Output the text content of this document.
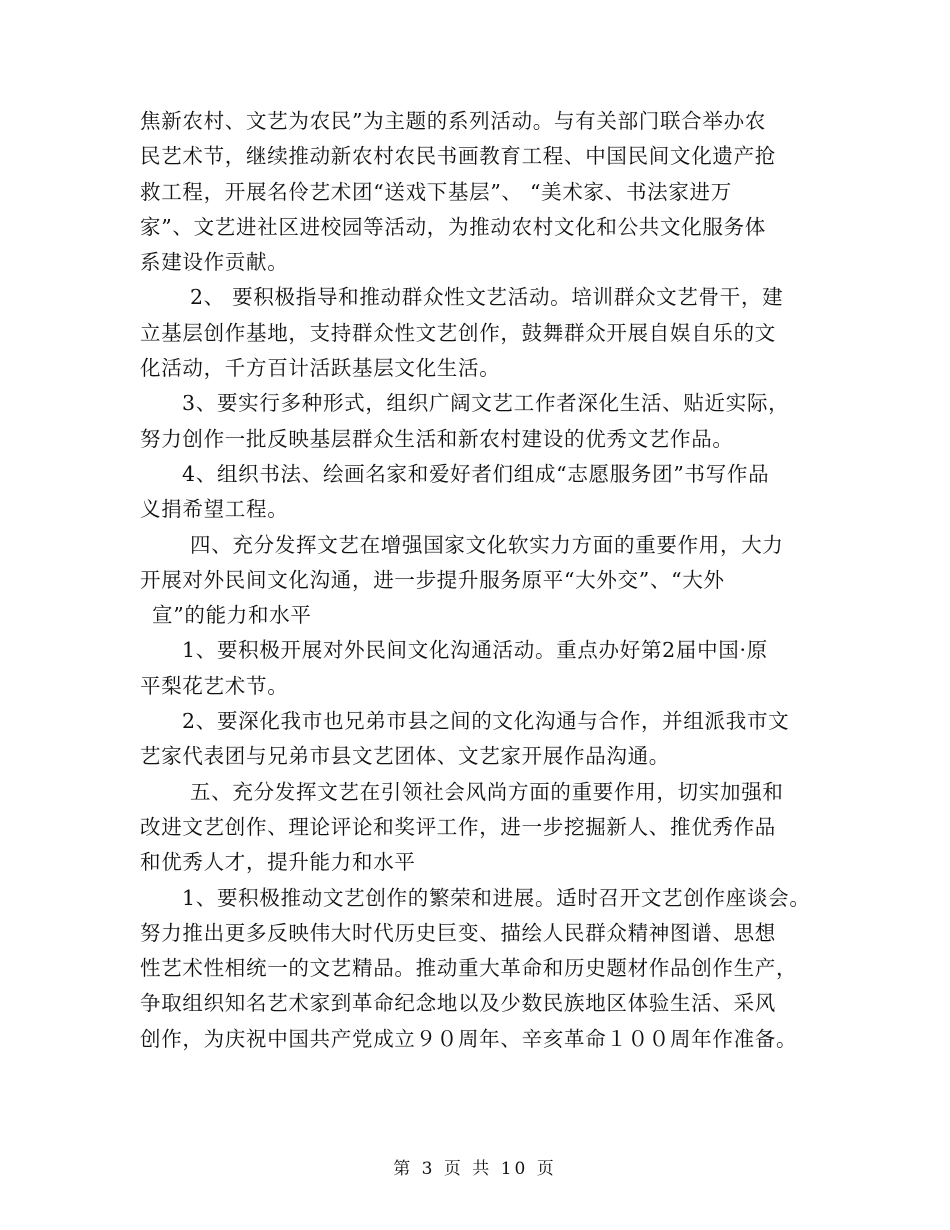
焦新农村、文艺为农民”为主题的系列活动。与有关部门联合举办农
民艺术节，继续推动新农村农民书画教育工程、中国民间文化遗产抢
救工程，开展名伶艺术团“送戏下基层”、 “美术家、书法家进万
家”、文艺进社区进校园等活动，为推动农村文化和公共文化服务体
系建设作贡献。
2、 要积极指导和推动群众性文艺活动。培训群众文艺骨干，建
立基层创作基地，支持群众性文艺创作，鼓舞群众开展自娱自乐的文
化活动，千方百计活跃基层文化生活。
3、要实行多种形式，组织广阔文艺工作者深化生活、贴近实际，
努力创作一批反映基层群众生活和新农村建设的优秀文艺作品。
4、组织书法、绘画名家和爱好者们组成“志愿服务团”书写作品
义捐希望工程。
四、充分发挥文艺在增强国家文化软实力方面的重要作用，大力
开展对外民间文化沟通，进一步提升服务原平“大外交”、“大外
宣”的能力和水平
1、要积极开展对外民间文化沟通活动。重点办好第2届中国·原
平梨花艺术节。
2、要深化我市也兄弟市县之间的文化沟通与合作，并组派我市文
艺家代表团与兄弟市县文艺团体、文艺家开展作品沟通。
五、充分发挥文艺在引领社会风尚方面的重要作用，切实加强和
改进文艺创作、理论评论和奖评工作，进一步挖掘新人、推优秀作品
和优秀人才，提升能力和水平
1、要积极推动文艺创作的繁荣和进展。适时召开文艺创作座谈会。
努力推出更多反映伟大时代历史巨变、描绘人民群众精神图谱、思想
性艺术性相统一的文艺精品。推动重大革命和历史题材作品创作生产，
争取组织知名艺术家到革命纪念地以及少数民族地区体验生活、采风
创作，为庆祝中国共产党成立９０周年、辛亥革命１００周年作准备。
第 3 页 共 10 页
